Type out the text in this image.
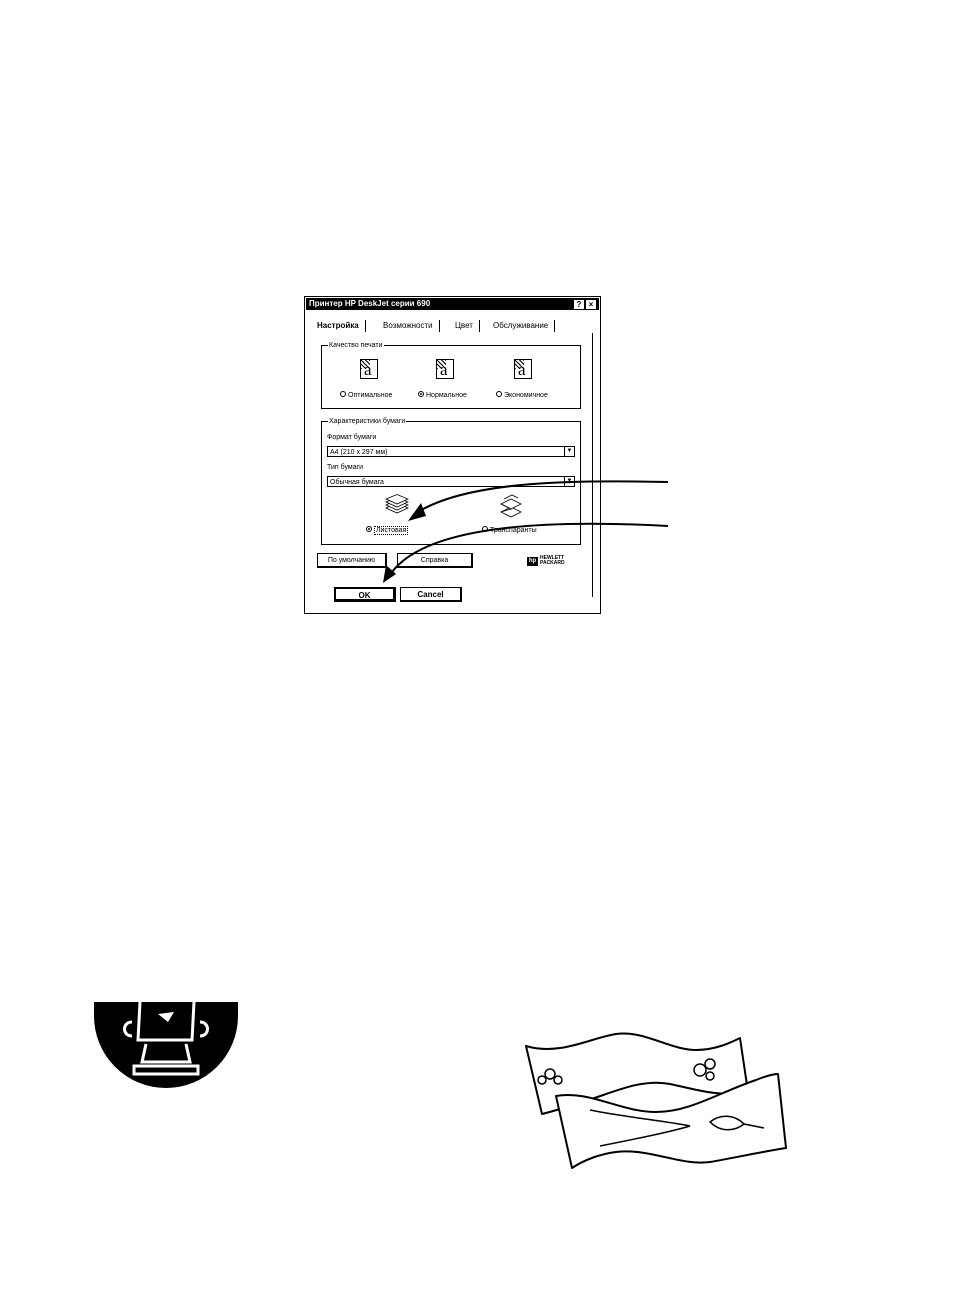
Принтер HP DeskJet серии 690	? ×
Настройка	Возможности	Цвет	Обслуживание
Качество печати
a	a	a
Оптимальное	Нормальное	Экономичное
Характеристики бумаги
Формат бумаги
A4 (210 x 297 мм)	▼
Тип бумаги
Обычная бумага	▼
Листовая	Транспаранты
По умолчанию	Справка	hp HEWLETT
PACKARD
OK	Cancel
